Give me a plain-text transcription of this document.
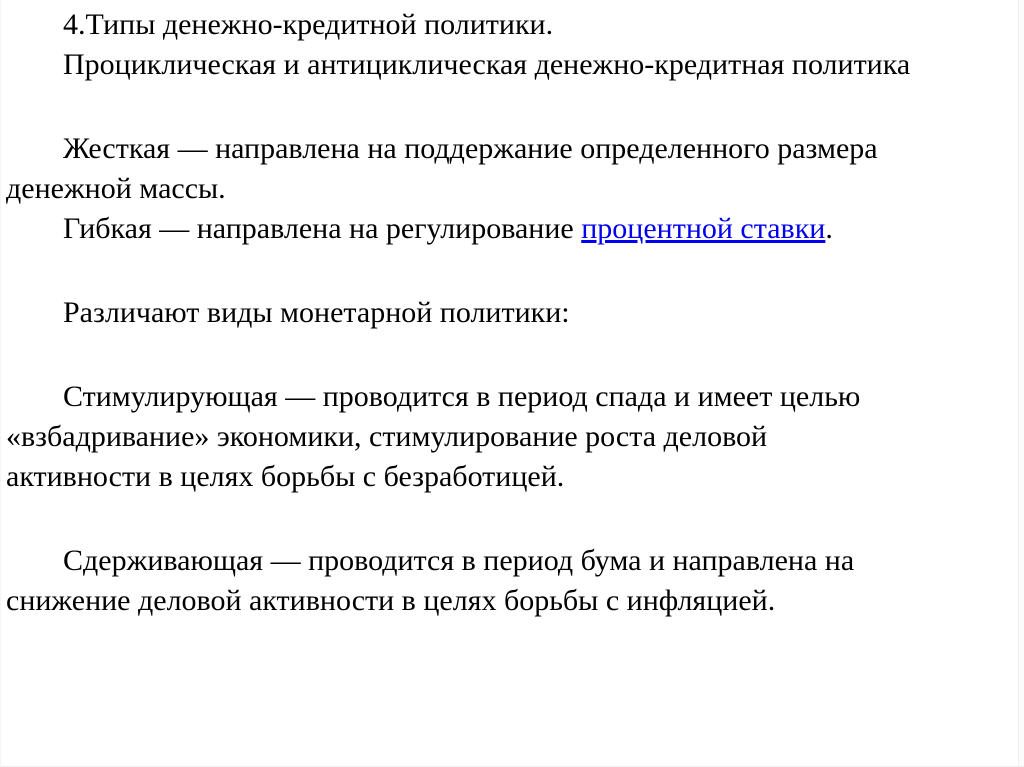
4.Типы денежно-кредитной политики.
Проциклическая и антициклическая денежно-кредитная политика
Жесткая — направлена на поддержание определенного размера
денежной массы.
Гибкая — направлена на регулирование процентной ставки.
Различают виды монетарной политики:
Стимулирующая — проводится в период спада и имеет целью
«взбадривание» экономики, стимулирование роста деловой
активности в целях борьбы с безработицей.
Сдерживающая — проводится в период бума и направлена на
снижение деловой активности в целях борьбы с инфляцией.
